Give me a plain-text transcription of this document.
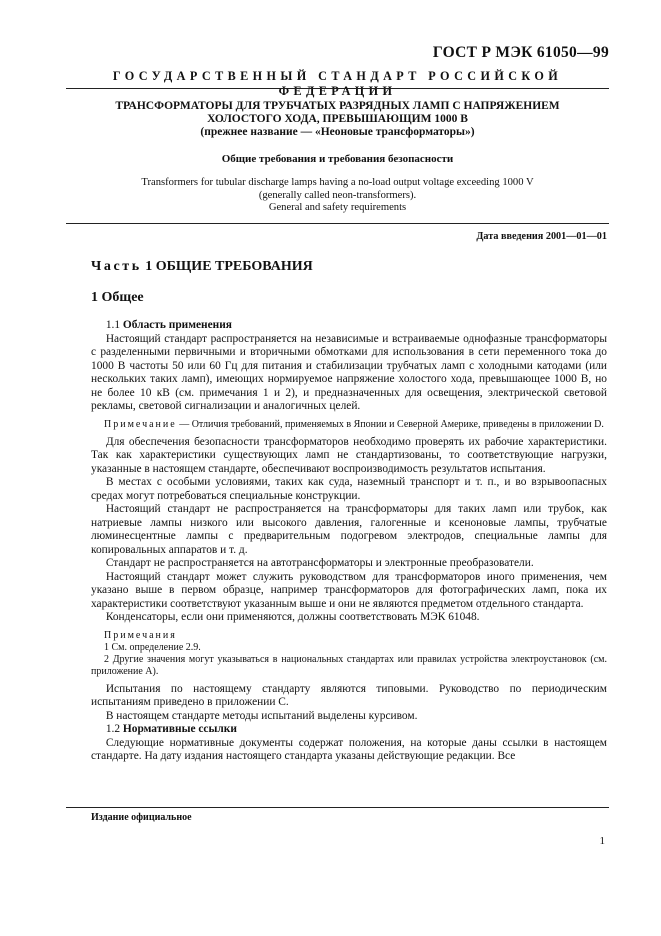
ГОСТ Р МЭК 61050—99
ГОСУДАРСТВЕННЫЙ СТАНДАРТ РОССИЙСКОЙ ФЕДЕРАЦИИ
ТРАНСФОРМАТОРЫ ДЛЯ ТРУБЧАТЫХ РАЗРЯДНЫХ ЛАМП С НАПРЯЖЕНИЕМ
ХОЛОСТОГО ХОДА, ПРЕВЫШАЮЩИМ 1000 В
(прежнее название — «Неоновые трансформаторы»)
Общие требования и требования безопасности
Transformers for tubular discharge lamps having a no-load output voltage exceeding 1000 V
(generally called neon-transformers).
General and safety requirements
Дата введения 2001—01—01
Часть 1 ОБЩИЕ ТРЕБОВАНИЯ
1 Общее

1.1 Область применения

Настоящий стандарт распространяется на независимые и встраиваемые однофазные трансформаторы с разделенными первичными и вторичными обмотками для использования в сети переменного тока до 1000 В частоты 50 или 60 Гц для питания и стабилизации трубчатых ламп с холодными катодами (или нескольких таких ламп), имеющих нормируемое напряжение холостого хода, превышающее 1000 В, но не более 10 кВ (см. примечания 1 и 2), и предназначенных для освещения, электрической световой рекламы, световой сигнализации и аналогичных целей.

Примечание — Отличия требований, применяемых в Японии и Северной Америке, приведены в приложении D.

Для обеспечения безопасности трансформаторов необходимо проверять их рабочие характеристики. Так как характеристики существующих ламп не стандартизованы, то соответствующие нагрузки, указанные в настоящем стандарте, обеспечивают воспроизводимость результатов испытания.

В местах с особыми условиями, таких как суда, наземный транспорт и т. п., и во взрывоопасных средах могут потребоваться специальные конструкции.

Настоящий стандарт не распространяется на трансформаторы для таких ламп или трубок, как натриевые лампы низкого или высокого давления, галогенные и ксеноновые лампы, трубчатые люминесцентные лампы с предварительным подогревом электродов, специальные лампы для копировальных аппаратов и т. д.

Стандарт не распространяется на автотрансформаторы и электронные преобразователи.

Настоящий стандарт может служить руководством для трансформаторов иного применения, чем указано выше в первом образце, например трансформаторов для фотографических ламп, пока их характеристики соответствуют указанным выше и они не являются предметом отдельного стандарта.

Конденсаторы, если они применяются, должны соответствовать МЭК 61048.

Примечания

1 См. определение 2.9.

2 Другие значения могут указываться в национальных стандартах или правилах устройства электроустановок (см. приложение А).

Испытания по настоящему стандарту являются типовыми. Руководство по периодическим испытаниям приведено в приложении С.

В настоящем стандарте методы испытаний выделены курсивом.

1.2 Нормативные ссылки

Следующие нормативные документы содержат положения, на которые даны ссылки в настоящем стандарте. На дату издания настоящего стандарта указаны действующие редакции. Все

Издание официальное
1
